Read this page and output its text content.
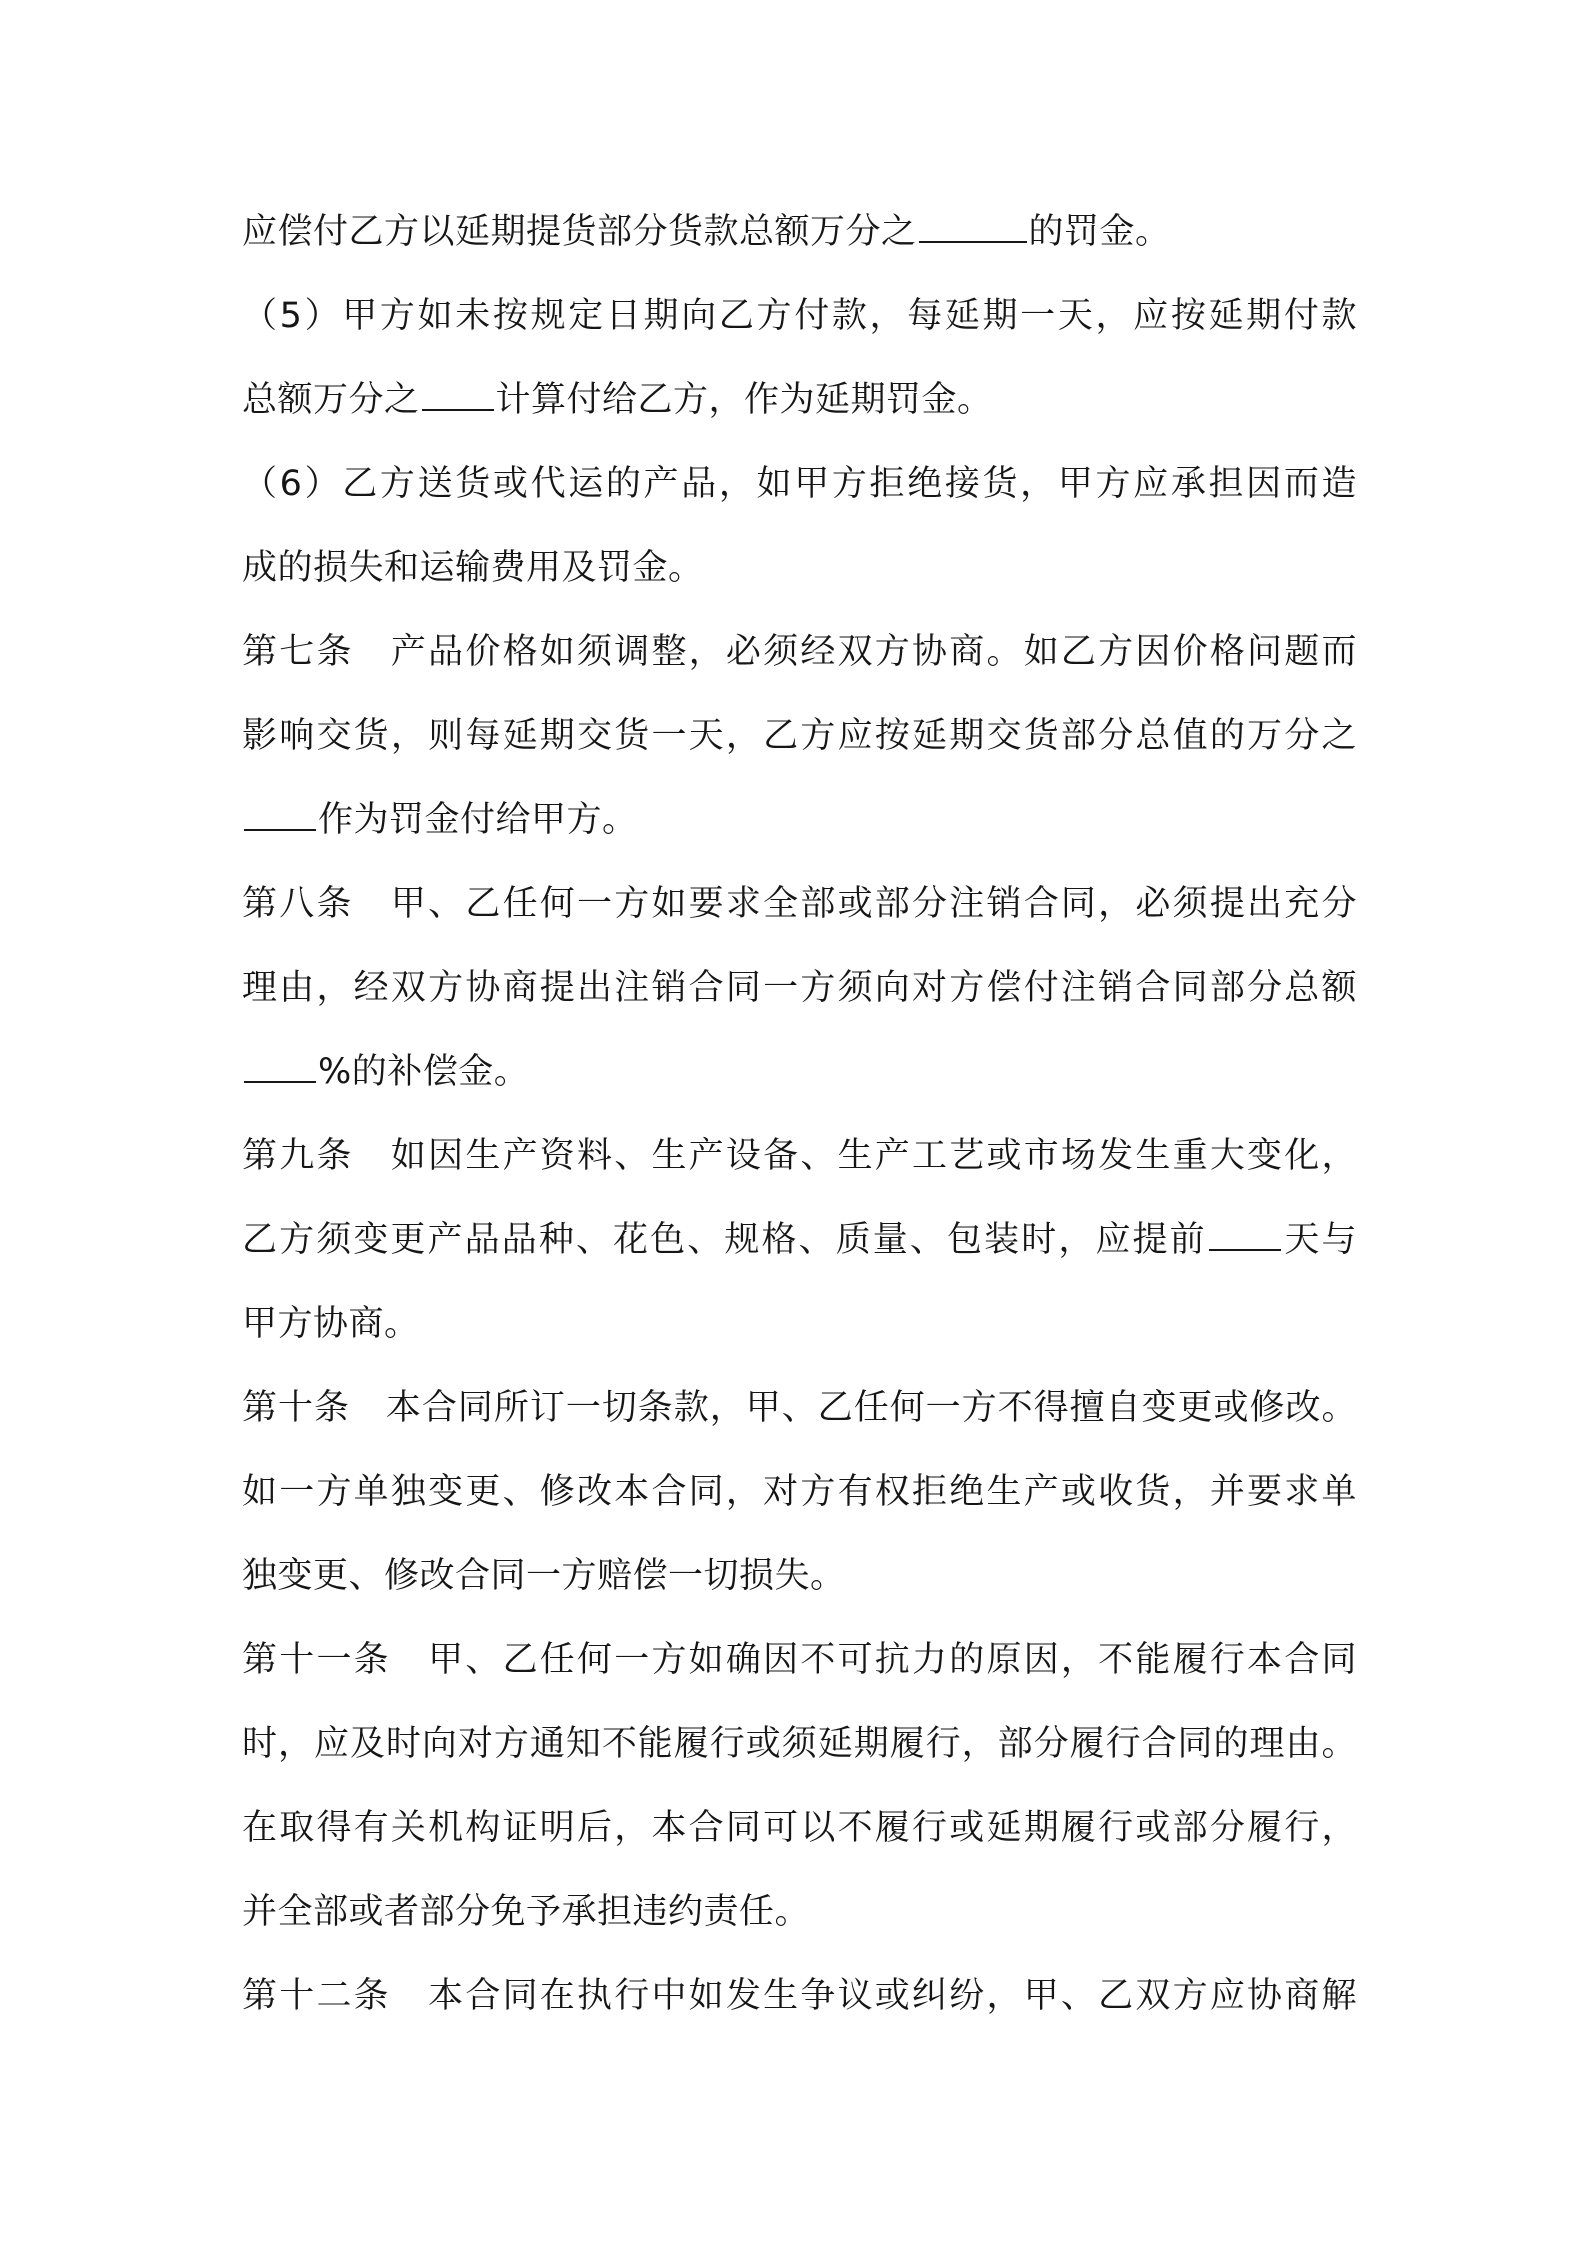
应偿付乙方以延期提货部分货款总额万分之	的罚金。
（5）甲方如未按规定日期向乙方付款，每延期一天，应按延期付款
总额万分之 计算付给乙方，作为延期罚金。
（6）乙方送货或代运的产品，如甲方拒绝接货，甲方应承担因而造
成的损失和运输费用及罚金。
第七条　产品价格如须调整，必须经双方协商。如乙方因价格问题而
影响交货，则每延期交货一天，乙方应按延期交货部分总值的万分之
作为罚金付给甲方。
第八条　甲、乙任何一方如要求全部或部分注销合同，必须提出充分
理由，经双方协商提出注销合同一方须向对方偿付注销合同部分总额
%的补偿金。
第九条　如因生产资料、生产设备、生产工艺或市场发生重大变化，
乙方须变更产品品种、花色、规格、质量、包装时，应提前 天与
甲方协商。
第十条　本合同所订一切条款，甲、乙任何一方不得擅自变更或修改。
如一方单独变更、修改本合同，对方有权拒绝生产或收货，并要求单
独变更、修改合同一方赔偿一切损失。
第十一条　甲、乙任何一方如确因不可抗力的原因，不能履行本合同
时，应及时向对方通知不能履行或须延期履行，部分履行合同的理由。
在取得有关机构证明后，本合同可以不履行或延期履行或部分履行，
并全部或者部分免予承担违约责任。
第十二条　本合同在执行中如发生争议或纠纷，甲、乙双方应协商解
